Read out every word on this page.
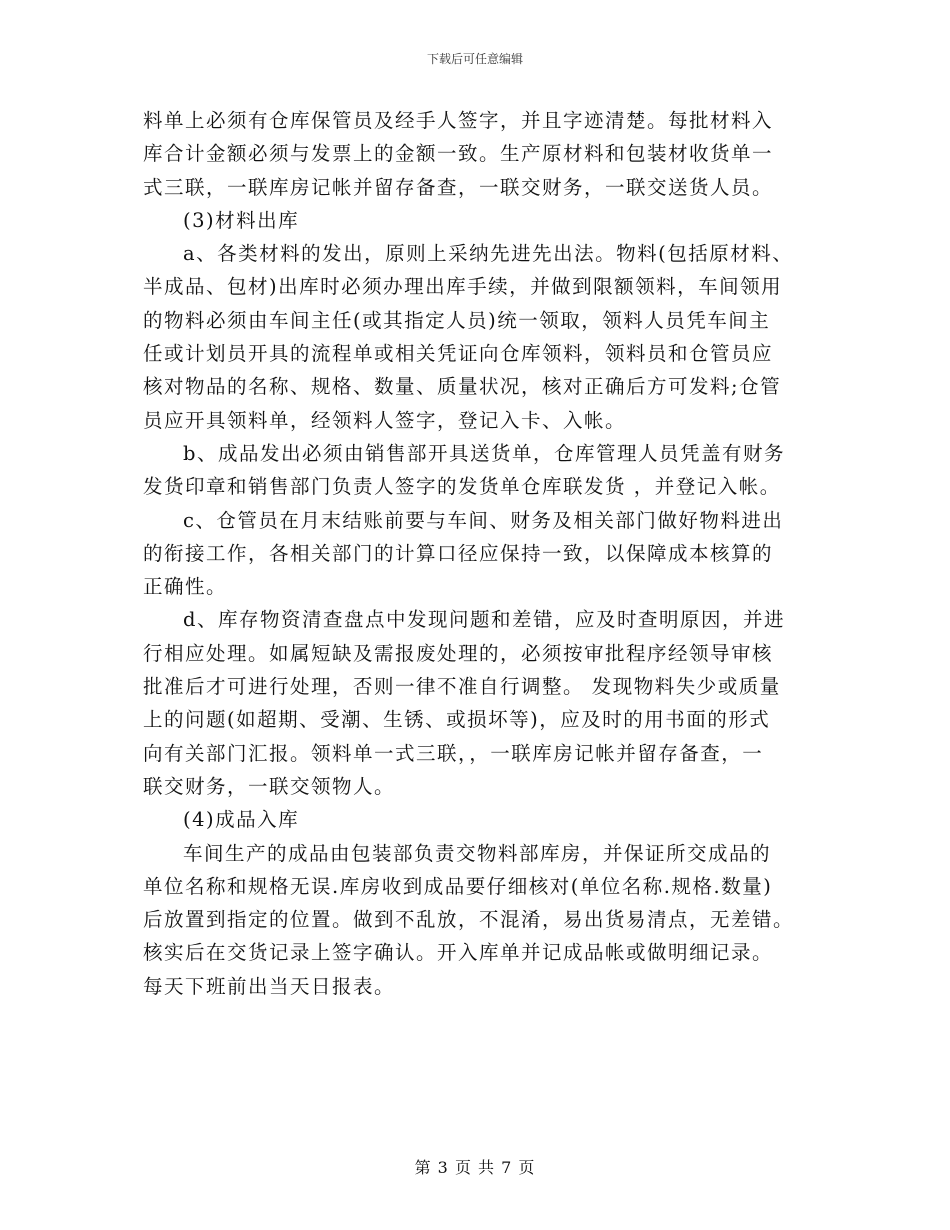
下载后可任意编辑

料单上必须有仓库保管员及经手人签字，并且字迹清楚。每批材料入
库合计金额必须与发票上的金额一致。生产原材料和包装材收货单一
式三联，一联库房记帐并留存备查，一联交财务，一联交送货人员。

(3)材料出库

a、各类材料的发出，原则上采纳先进先出法。物料(包括原材料、
半成品、包材)出库时必须办理出库手续，并做到限额领料，车间领用
的物料必须由车间主任(或其指定人员)统一领取，领料人员凭车间主
任或计划员开具的流程单或相关凭证向仓库领料，领料员和仓管员应
核对物品的名称、规格、数量、质量状况，核对正确后方可发料;仓管
员应开具领料单，经领料人签字，登记入卡、入帐。

b、成品发出必须由销售部开具送货单，仓库管理人员凭盖有财务
发货印章和销售部门负责人签字的发货单仓库联发货 ，并登记入帐。

c、仓管员在月末结账前要与车间、财务及相关部门做好物料进出
的衔接工作，各相关部门的计算口径应保持一致，以保障成本核算的
正确性。

d、库存物资清查盘点中发现问题和差错，应及时查明原因，并进
行相应处理。如属短缺及需报废处理的，必须按审批程序经领导审核
批准后才可进行处理，否则一律不准自行调整。 发现物料失少或质量
上的问题(如超期、受潮、生锈、或损坏等)，应及时的用书面的形式
向有关部门汇报。领料单一式三联，，一联库房记帐并留存备查，一
联交财务，一联交领物人。

(4)成品入库

车间生产的成品由包装部负责交物料部库房，并保证所交成品的
单位名称和规格无误.库房收到成品要仔细核对(单位名称.规格.数量)
后放置到指定的位置。做到不乱放，不混淆，易出货易清点，无差错。
核实后在交货记录上签字确认。开入库单并记成品帐或做明细记录。
每天下班前出当天日报表。

第 3 页 共 7 页
